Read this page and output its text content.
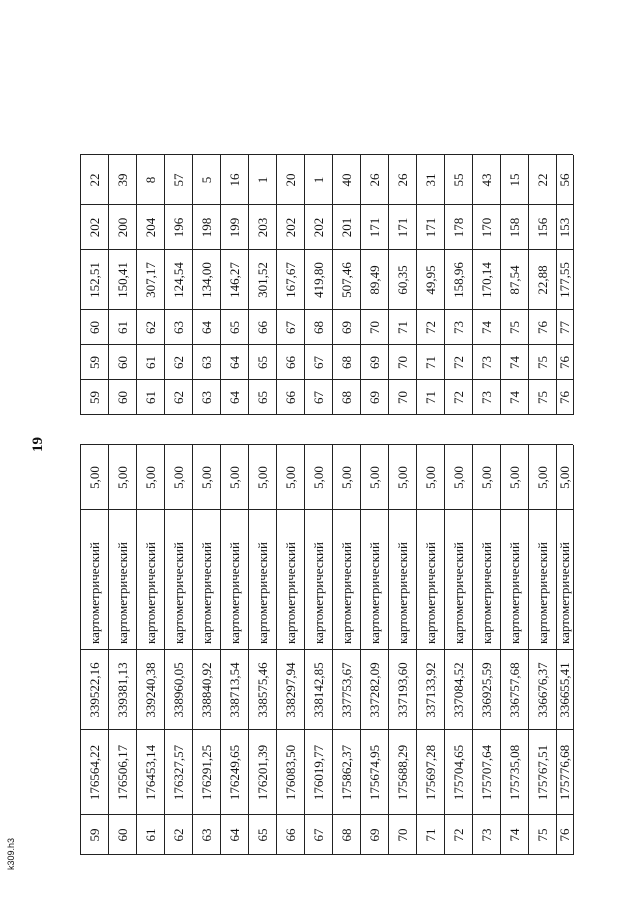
19
k309.h3
59
176564,22
339522,16
картометрический
5,00
60
176506,17
339381,13
картометрический
5,00
61
176453,14
339240,38
картометрический
5,00
62
176327,57
338960,05
картометрический
5,00
63
176291,25
338840,92
картометрический
5,00
64
176249,65
338713,54
картометрический
5,00
65
176201,39
338575,46
картометрический
5,00
66
176083,50
338297,94
картометрический
5,00
67
176019,77
338142,85
картометрический
5,00
68
175862,37
337753,67
картометрический
5,00
69
175674,95
337282,09
картометрический
5,00
70
175688,29
337193,60
картометрический
5,00
71
175697,28
337133,92
картометрический
5,00
72
175704,65
337084,52
картометрический
5,00
73
175707,64
336925,59
картометрический
5,00
74
175735,08
336757,68
картометрический
5,00
75
175767,51
336676,37
картометрический
5,00
76
175776,68
336655,41
картометрический
5,00
59
59
60
152,51
202
22
60
60
61
150,41
200
39
61
61
62
307,17
204
8
62
62
63
124,54
196
57
63
63
64
134,00
198
5
64
64
65
146,27
199
16
65
65
66
301,52
203
1
66
66
67
167,67
202
20
67
67
68
419,80
202
1
68
68
69
507,46
201
40
69
69
70
89,49
171
26
70
70
71
60,35
171
26
71
71
72
49,95
171
31
72
72
73
158,96
178
55
73
73
74
170,14
170
43
74
74
75
87,54
158
15
75
75
76
22,88
156
22
76
76
77
177,55
153
56
